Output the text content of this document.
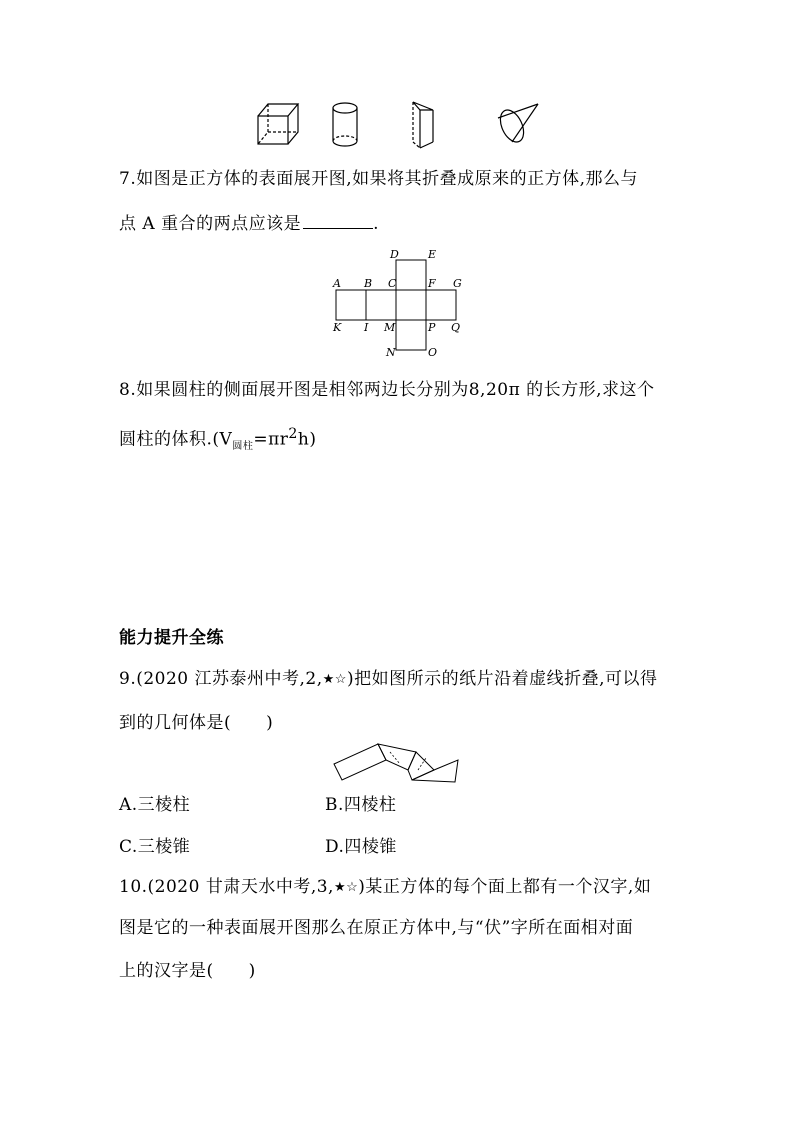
7.如图是正方体的表面展开图,如果将其折叠成原来的正方体,那么与
点 A 重合的两点应该是	.
D	E
A B C	F G
K I M	P Q
N	O
8.如果圆柱的侧面展开图是相邻两边长分别为8,20π 的长方形,求这个
圆柱的体积$.(V_{圆柱}=\pi r^2h)$
能力提升全练
9.(2020 江苏泰州中考,2,★☆)把如图所示的纸片沿着虚线折叠,可以得
到的几何体是(　　)
A.三棱柱	B.四棱柱
C.三棱锥	D.四棱锥
10.(2020 甘肃天水中考,3,★☆)某正方体的每个面上都有一个汉字,如
图是它的一种表面展开图那么在原正方体中,与“伏”字所在面相对面
上的汉字是(　　)
